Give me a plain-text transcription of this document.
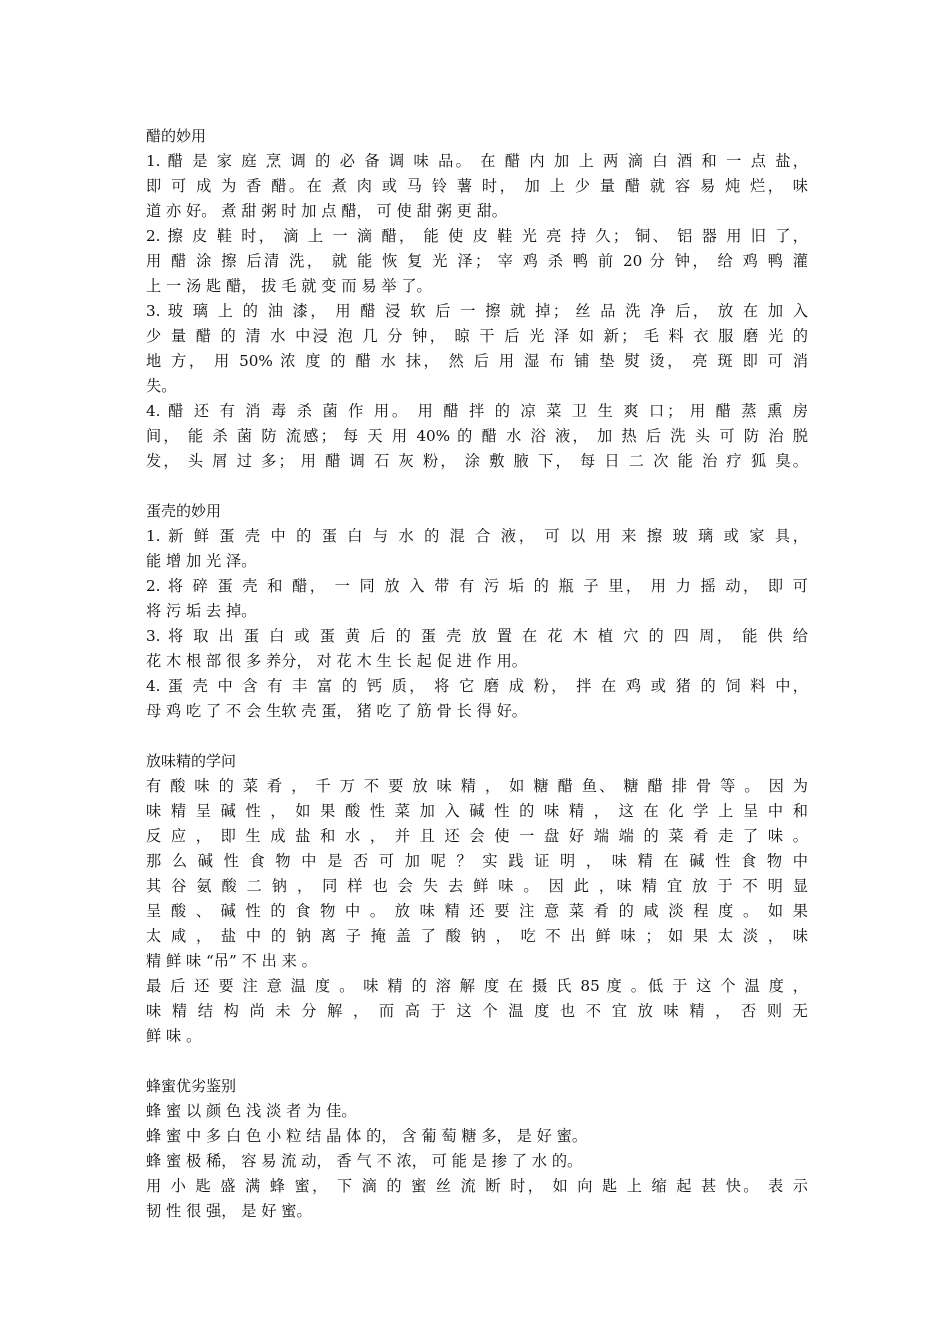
醋的妙用
1. 醋 是 家 庭 烹 调 的 必 备 调 味 品。 在 醋 内 加 上 两 滴 白 酒 和 一 点 盐，
即 可 成 为 香 醋。在 煮 肉 或 马 铃 薯 时， 加 上 少 量 醋 就 容 易 炖 烂， 味
道 亦 好。 煮 甜 粥 时 加 点 醋， 可 使 甜 粥 更 甜。
2. 擦 皮 鞋 时， 滴 上 一 滴 醋， 能 使 皮 鞋 光 亮 持 久； 铜、 铝 器 用 旧 了，
用 醋 涂 擦 后清 洗， 就 能 恢 复 光 泽； 宰 鸡 杀 鸭 前 20 分 钟， 给 鸡 鸭 灌
上 一 汤 匙 醋， 拔 毛 就 变 而 易 举 了。
3. 玻 璃 上 的 油 漆， 用 醋 浸 软 后 一 擦 就 掉； 丝 品 洗 净 后， 放 在 加 入
少 量 醋 的 清 水 中浸 泡 几 分 钟， 晾 干 后 光 泽 如 新； 毛 料 衣 服 磨 光 的
地 方， 用 50% 浓 度 的 醋 水 抹， 然 后 用 湿 布 铺 垫 熨 烫， 亮 斑 即 可 消
失。
4. 醋 还 有 消 毒 杀 菌 作 用。 用 醋 拌 的 凉 菜 卫 生 爽 口； 用 醋 蒸 熏 房
间， 能 杀 菌 防 流感； 每 天 用 40% 的 醋 水 浴 液， 加 热 后 洗 头 可 防 治 脱
发， 头 屑 过 多； 用 醋 调 石 灰 粉， 涂 敷 腋 下， 每 日 二 次 能 治 疗 狐 臭。
蛋壳的妙用
1. 新 鲜 蛋 壳 中 的 蛋 白 与 水 的 混 合 液， 可 以 用 来 擦 玻 璃 或 家 具，
能 增 加 光 泽。
2. 将 碎 蛋 壳 和 醋， 一 同 放 入 带 有 污 垢 的 瓶 子 里， 用 力 摇 动， 即 可
将 污 垢 去 掉。
3. 将 取 出 蛋 白 或 蛋 黄 后 的 蛋 壳 放 置 在 花 木 植 穴 的 四 周， 能 供 给
花 木 根 部 很 多 养分， 对 花 木 生 长 起 促 进 作 用。
4. 蛋 壳 中 含 有 丰 富 的 钙 质， 将 它 磨 成 粉， 拌 在 鸡 或 猪 的 饲 料 中，
母 鸡 吃 了 不 会 生软 壳 蛋， 猪 吃 了 筋 骨 长 得 好。
放味精的学问
有 酸 味 的 菜 肴 ， 千 万 不 要 放 味 精 ， 如 糖 醋 鱼、 糖 醋 排 骨 等 。 因 为
味 精 呈 碱 性 ， 如 果 酸 性 菜 加 入 碱 性 的 味 精 ， 这 在 化 学 上 呈 中 和
反 应 ， 即 生 成 盐 和 水 ， 并 且 还 会 使 一 盘 好 端 端 的 菜 肴 走 了 味 。
那 么 碱 性 食 物 中 是 否 可 加 呢 ？ 实 践 证 明 ， 味 精 在 碱 性 食 物 中
其 谷 氨 酸 二 钠 ， 同 样 也 会 失 去 鲜 味 。 因 此 ，味 精 宜 放 于 不 明 显
呈 酸 、 碱 性 的 食 物 中 。 放 味 精 还 要 注 意 菜 肴 的 咸 淡 程 度 。 如 果
太 咸 ， 盐 中 的 钠 离 子 掩 盖 了 酸 钠 ， 吃 不 出 鲜 味 ； 如 果 太 淡 ， 味
精 鲜 味 “吊” 不 出 来 。
最 后 还 要 注 意 温 度 。 味 精 的 溶 解 度 在 摄 氏 85 度 。低 于 这 个 温 度 ，
味 精 结 构 尚 未 分 解 ， 而 高 于 这 个 温 度 也 不 宜 放 味 精 ， 否 则 无
鲜 味 。
蜂蜜优劣鉴别
蜂 蜜 以 颜 色 浅 淡 者 为 佳。
蜂 蜜 中 多 白 色 小 粒 结 晶 体 的， 含 葡 萄 糖 多， 是 好 蜜。
蜂 蜜 极 稀， 容 易 流 动， 香 气 不 浓， 可 能 是 掺 了 水 的。
用 小 匙 盛 满 蜂 蜜， 下 滴 的 蜜 丝 流 断 时， 如 向 匙 上 缩 起 甚 快。 表 示
韧 性 很 强， 是 好 蜜。
